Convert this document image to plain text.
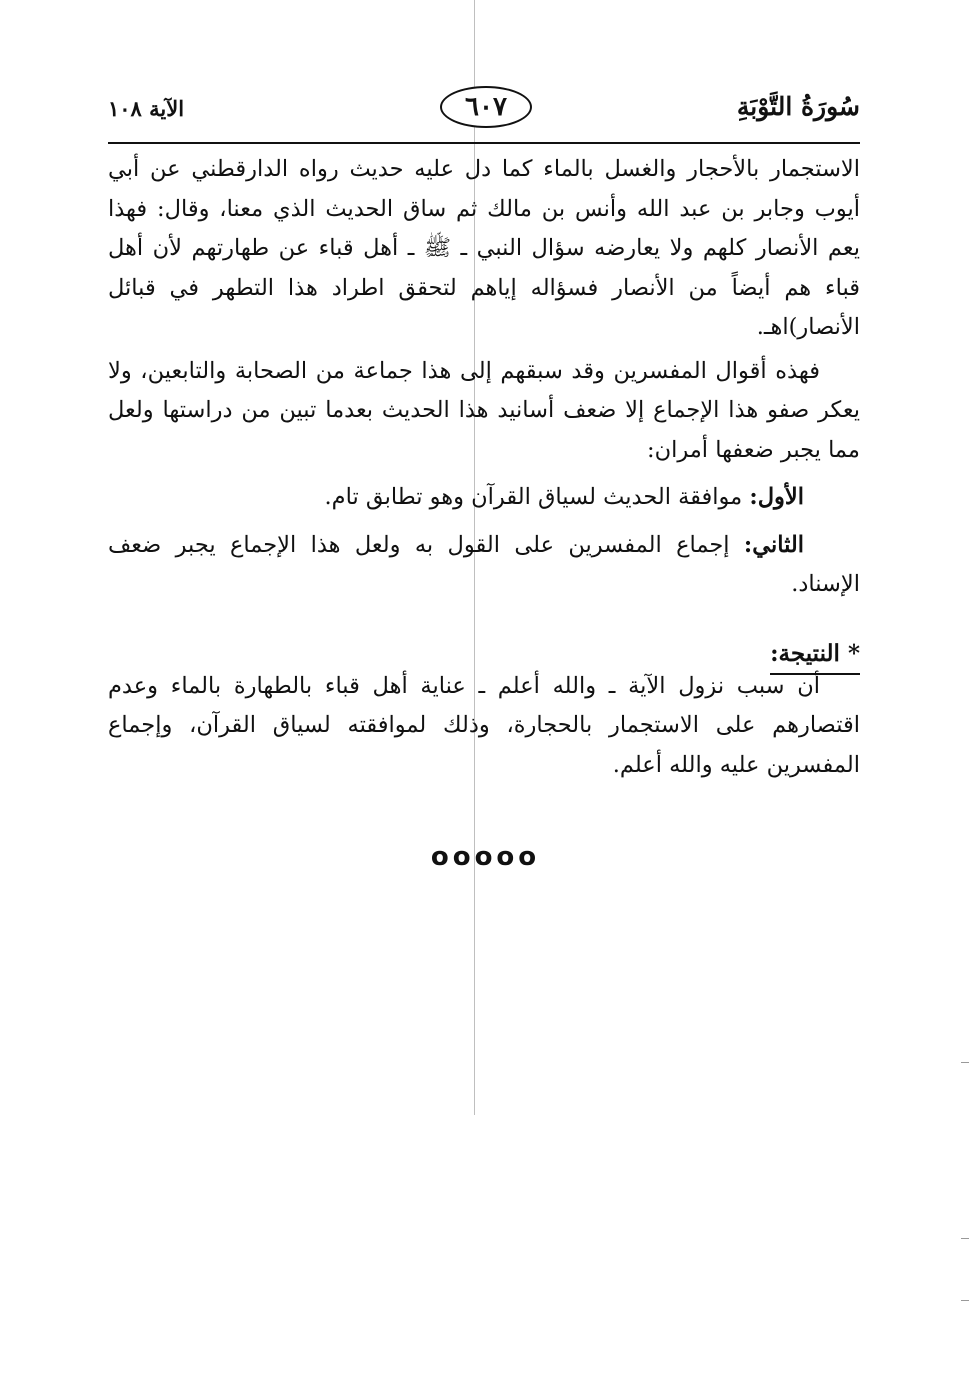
سُورَةُ التَّوْبَةِ
٦٠٧
الآية ١٠٨

الاستجمار بالأحجار والغسل بالماء كما دل عليه حديث رواه الدارقطني عن أبي أيوب وجابر بن عبد الله وأنس بن مالك ثم ساق الحديث الذي معنا، وقال: فهذا يعم الأنصار كلهم ولا يعارضه سؤال النبي ـ ﷺ ـ أهل قباء عن طهارتهم لأن أهل قباء هم أيضاً من الأنصار فسؤاله إياهم لتحقق اطراد هذا التطهر في قبائل الأنصار)اهـ.

فهذه أقوال المفسرين وقد سبقهم إلى هذا جماعة من الصحابة والتابعين، ولا يعكر صفو هذا الإجماع إلا ضعف أسانيد هذا الحديث بعدما تبين من دراستها ولعل مما يجبر ضعفها أمران:

الأول: موافقة الحديث لسياق القرآن وهو تطابق تام.

الثاني: إجماع المفسرين على القول به ولعل هذا الإجماع يجبر ضعف الإسناد.

* النتيجة:

أن سبب نزول الآية ـ والله أعلم ـ عناية أهل قباء بالطهارة بالماء وعدم اقتصارهم على الاستجمار بالحجارة، وذلك لموافقته لسياق القرآن، وإجماع المفسرين عليه والله أعلم.

ooooo
